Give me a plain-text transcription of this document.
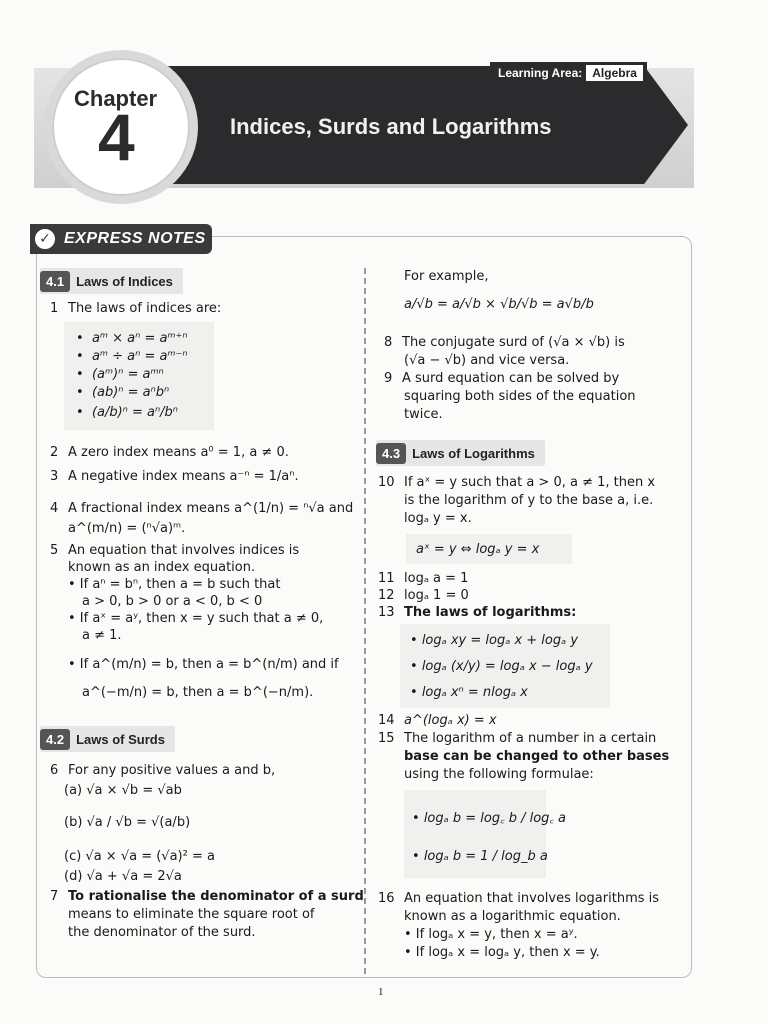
Learning Area: Algebra
Chapter
4	Indices, Surds and Logarithms
✓ EXPRESS NOTES
4.1 Laws of Indices
1 The laws of indices are:
•  aᵐ × aⁿ = aᵐ⁺ⁿ
•  aᵐ ÷ aⁿ = aᵐ⁻ⁿ
•  (aᵐ)ⁿ = aᵐⁿ
•  (ab)ⁿ = aⁿbⁿ
•  (a/b)ⁿ = aⁿ/bⁿ
2 A zero index means a⁰ = 1, a ≠ 0.
3 A negative index means a⁻ⁿ = 1/aⁿ.
4 A fractional index means a^(1/n) = ⁿ√a and
a^(m/n) = (ⁿ√a)ᵐ.
5 An equation that involves indices is
known as an index equation.
• If aⁿ = bⁿ, then a = b such that
a > 0, b > 0 or a < 0, b < 0
• If aˣ = aʸ, then x = y such that a ≠ 0,
a ≠ 1.
• If a^(m/n) = b, then a = b^(n/m) and if
a^(−m/n) = b, then a = b^(−n/m).
4.2 Laws of Surds
6 For any positive values a and b,
(a) √a × √b = √ab
(b) √a / √b = √(a/b)
(c) √a × √a = (√a)² = a
(d) √a + √a = 2√a
7 To rationalise the denominator of a surd
means to eliminate the square root of
the denominator of the surd.
For example,
a/√b = a/√b × √b/√b = a√b/b
8 The conjugate surd of (√a × √b) is
(√a − √b) and vice versa.
9 A surd equation can be solved by
squaring both sides of the equation
twice.
4.3 Laws of Logarithms
10 If aˣ = y such that a > 0, a ≠ 1, then x
is the logarithm of y to the base a, i.e.
logₐ y = x.
aˣ = y ⇔ logₐ y = x
11 logₐ a = 1
12 logₐ 1 = 0
13 The laws of logarithms:
• logₐ xy = logₐ x + logₐ y
• logₐ (x/y) = logₐ x − logₐ y
• logₐ xⁿ = nlogₐ x
14 a^(logₐ x) = x
15 The logarithm of a number in a certain
base can be changed to other bases
using the following formulae:
• logₐ b = log꜀ b / log꜀ a
• logₐ b = 1 / log_b a
16 An equation that involves logarithms is
known as a logarithmic equation.
• If logₐ x = y, then x = aʸ.
• If logₐ x = logₐ y, then x = y.
1
